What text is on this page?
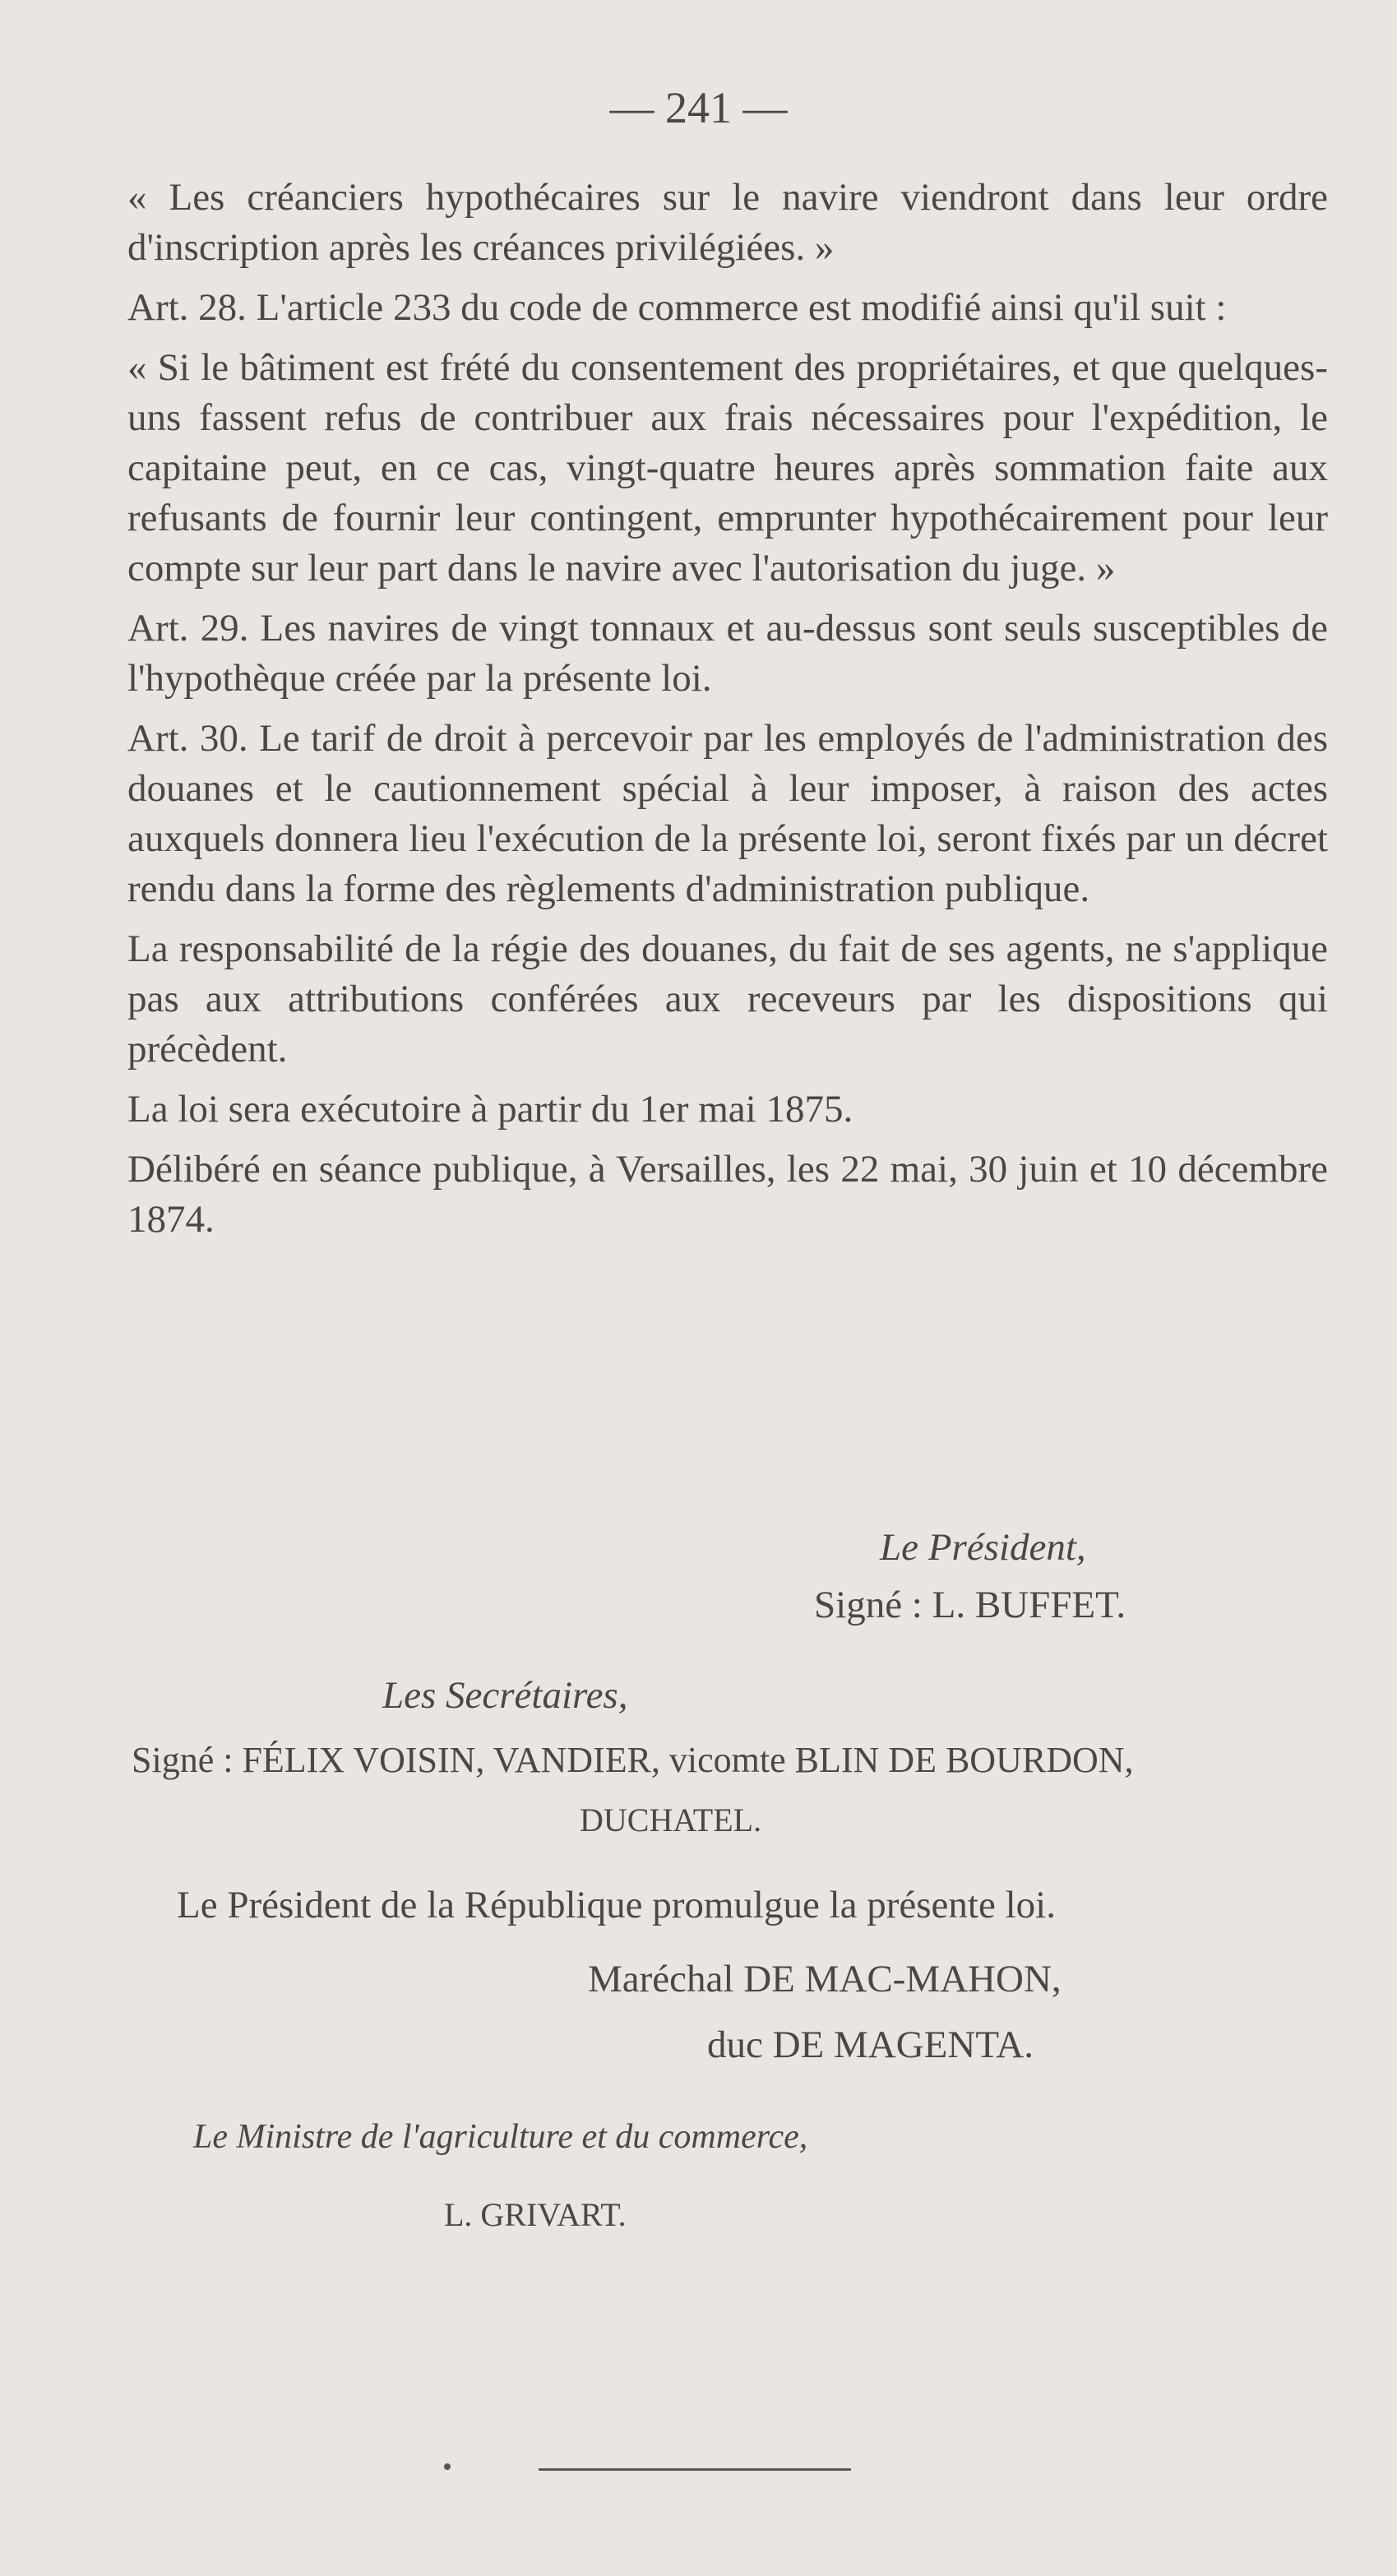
— 241 —

« Les créanciers hypothécaires sur le navire viendront dans leur ordre d'inscription après les créances privilégiées. »

Art. 28. L'article 233 du code de commerce est modifié ainsi qu'il suit :

« Si le bâtiment est frété du consentement des propriétaires, et que quelques-uns fassent refus de contribuer aux frais nécessaires pour l'expédition, le capitaine peut, en ce cas, vingt-quatre heures après sommation faite aux refusants de fournir leur contingent, emprunter hypothécairement pour leur compte sur leur part dans le navire avec l'autorisation du juge. »

Art. 29. Les navires de vingt tonnaux et au-dessus sont seuls susceptibles de l'hypothèque créée par la présente loi.

Art. 30. Le tarif de droit à percevoir par les employés de l'administration des douanes et le cautionnement spécial à leur imposer, à raison des actes auxquels donnera lieu l'exécution de la présente loi, seront fixés par un décret rendu dans la forme des règlements d'administration publique.

La responsabilité de la régie des douanes, du fait de ses agents, ne s'applique pas aux attributions conférées aux receveurs par les dispositions qui précèdent.

La loi sera exécutoire à partir du 1er mai 1875.

Délibéré en séance publique, à Versailles, les 22 mai, 30 juin et 10 décembre 1874.

Le Président,
Signé : L. BUFFET.
Les Secrétaires,
Signé : FÉLIX VOISIN, VANDIER, vicomte BLIN DE BOURDON,
DUCHATEL.
Le Président de la République promulgue la présente loi.
Maréchal DE MAC-MAHON,
duc DE MAGENTA.
Le Ministre de l'agriculture et du commerce,
L. GRIVART.
